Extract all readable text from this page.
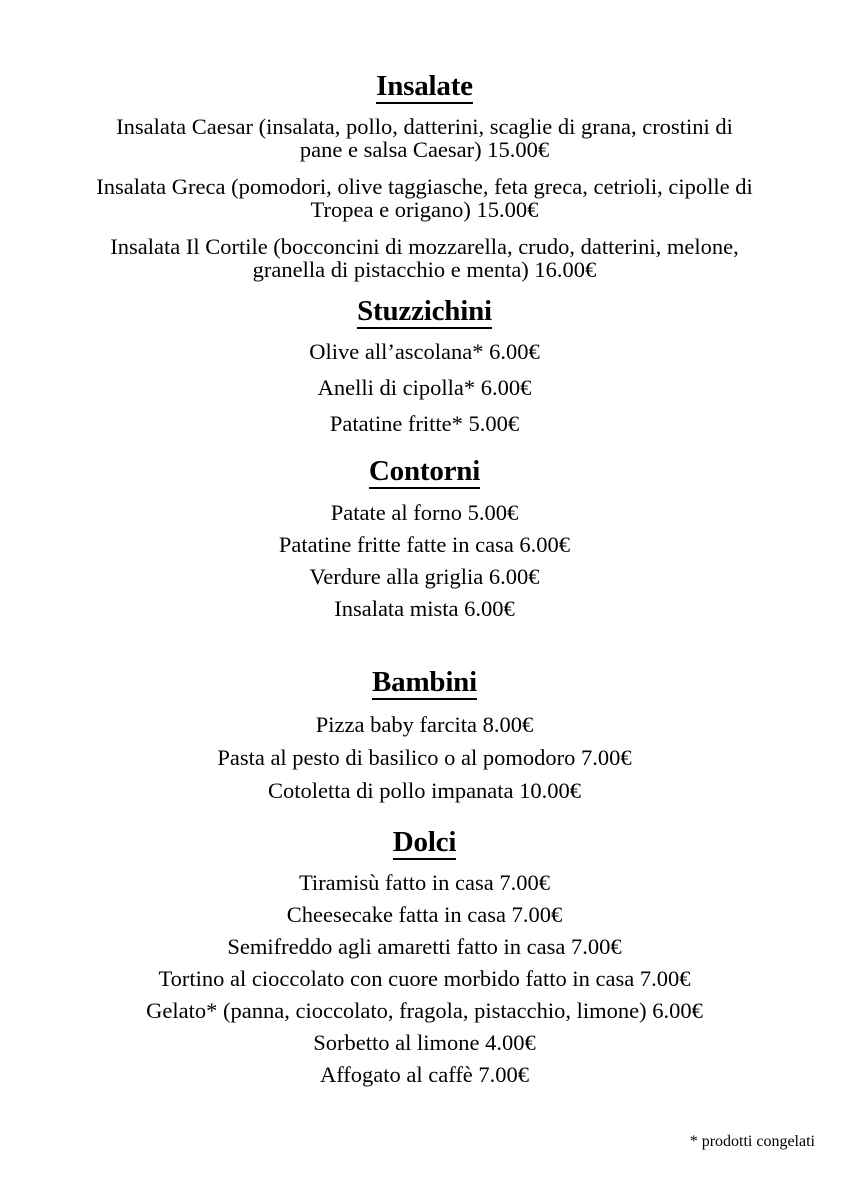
Insalate
Insalata Caesar (insalata, pollo, datterini, scaglie di grana, crostini di pane e salsa Caesar) 15.00€
Insalata Greca (pomodori, olive taggiasche, feta greca, cetrioli, cipolle di Tropea e origano) 15.00€
Insalata Il Cortile (bocconcini di mozzarella, crudo, datterini, melone, granella di pistacchio e menta) 16.00€
Stuzzichini
Olive all’ascolana* 6.00€
Anelli di cipolla* 6.00€
Patatine fritte* 5.00€
Contorni
Patate al forno 5.00€
Patatine fritte fatte in casa 6.00€
Verdure alla griglia 6.00€
Insalata mista 6.00€
Bambini
Pizza baby farcita 8.00€
Pasta al pesto di basilico o al pomodoro 7.00€
Cotoletta di pollo impanata 10.00€
Dolci
Tiramisù fatto in casa 7.00€
Cheesecake fatta in casa 7.00€
Semifreddo agli amaretti fatto in casa 7.00€
Tortino al cioccolato con cuore morbido fatto in casa 7.00€
Gelato* (panna, cioccolato, fragola, pistacchio, limone) 6.00€
Sorbetto al limone 4.00€
Affogato al caffè 7.00€
* prodotti congelati
